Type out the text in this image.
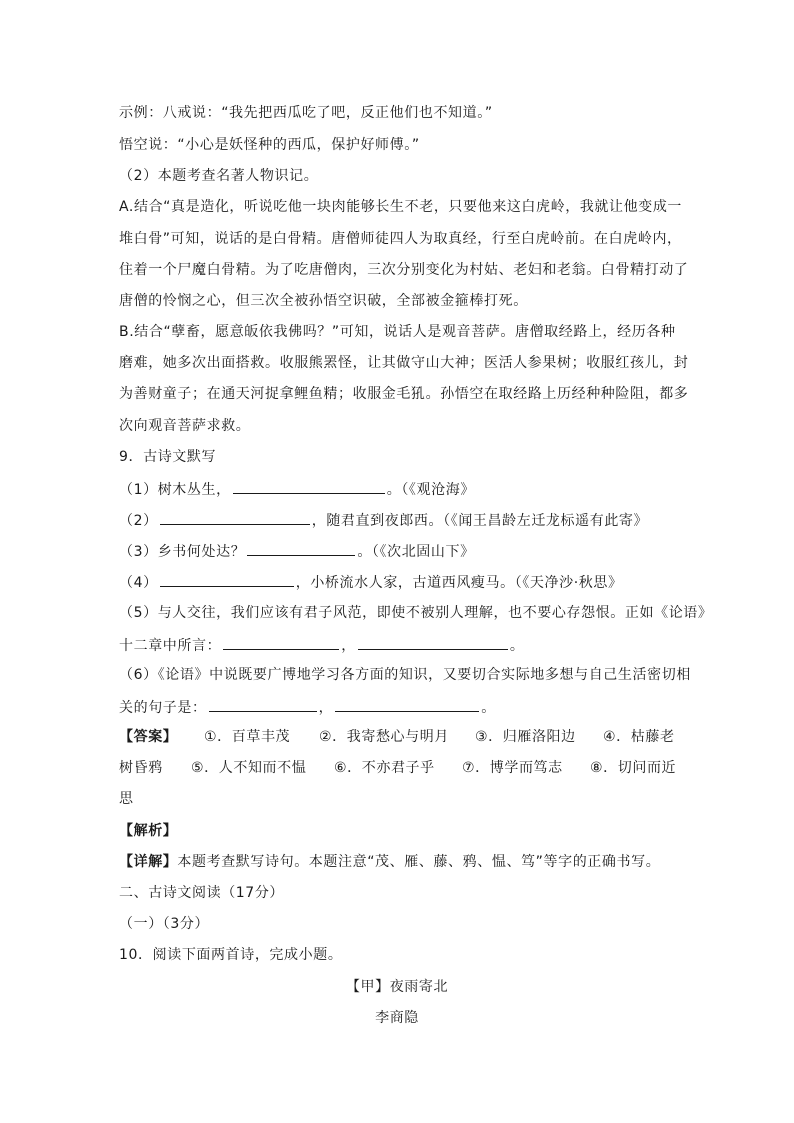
示例：八戒说：“我先把西瓜吃了吧，反正他们也不知道。”
悟空说：“小心是妖怪种的西瓜，保护好师傅。”
（2）本题考查名著人物识记。
A.结合“真是造化，听说吃他一块肉能够长生不老，只要他来这白虎岭，我就让他变成一
堆白骨”可知，说话的是白骨精。唐僧师徒四人为取真经，行至白虎岭前。在白虎岭内，
住着一个尸魔白骨精。为了吃唐僧肉，三次分别变化为村姑、老妇和老翁。白骨精打动了
唐僧的怜悯之心，但三次全被孙悟空识破，全部被金箍棒打死。
B.结合“孽畜，愿意皈依我佛吗？”可知，说话人是观音菩萨。唐僧取经路上，经历各种
磨难，她多次出面搭救。收服熊罴怪，让其做守山大神；医活人参果树；收服红孩儿，封
为善财童子；在通天河捉拿鲤鱼精；收服金毛犼。孙悟空在取经路上历经种种险阻，都多
次向观音菩萨求救。
9．古诗文默写
（1）树木丛生，	。（《观沧海》
（2）	，随君直到夜郎西。（《闻王昌龄左迁龙标遥有此寄》
（3）乡书何处达？	。（《次北固山下》
（4）	，小桥流水人家，古道西风瘦马。（《天净沙·秋思》
（5）与人交往，我们应该有君子风范，即使不被别人理解，也不要心存怨恨。正如《论语》
十二章中所言：	，	。
（6）《论语》中说既要广博地学习各方面的知识，又要切合实际地多想与自己生活密切相
关的句子是：	，	。
【答案】 ①．百草丰茂 ②．我寄愁心与明月 ③．归雁洛阳边 ④．枯藤老
树昏鸦 ⑤．人不知而不愠 ⑥．不亦君子乎 ⑦．博学而笃志 ⑧．切问而近
思
【解析】
【详解】本题考查默写诗句。本题注意“茂、雁、藤、鸦、愠、笃”等字的正确书写。
二、古诗文阅读（17分）
（一）（3分）
10．阅读下面两首诗，完成小题。
【甲】夜雨寄北
李商隐
